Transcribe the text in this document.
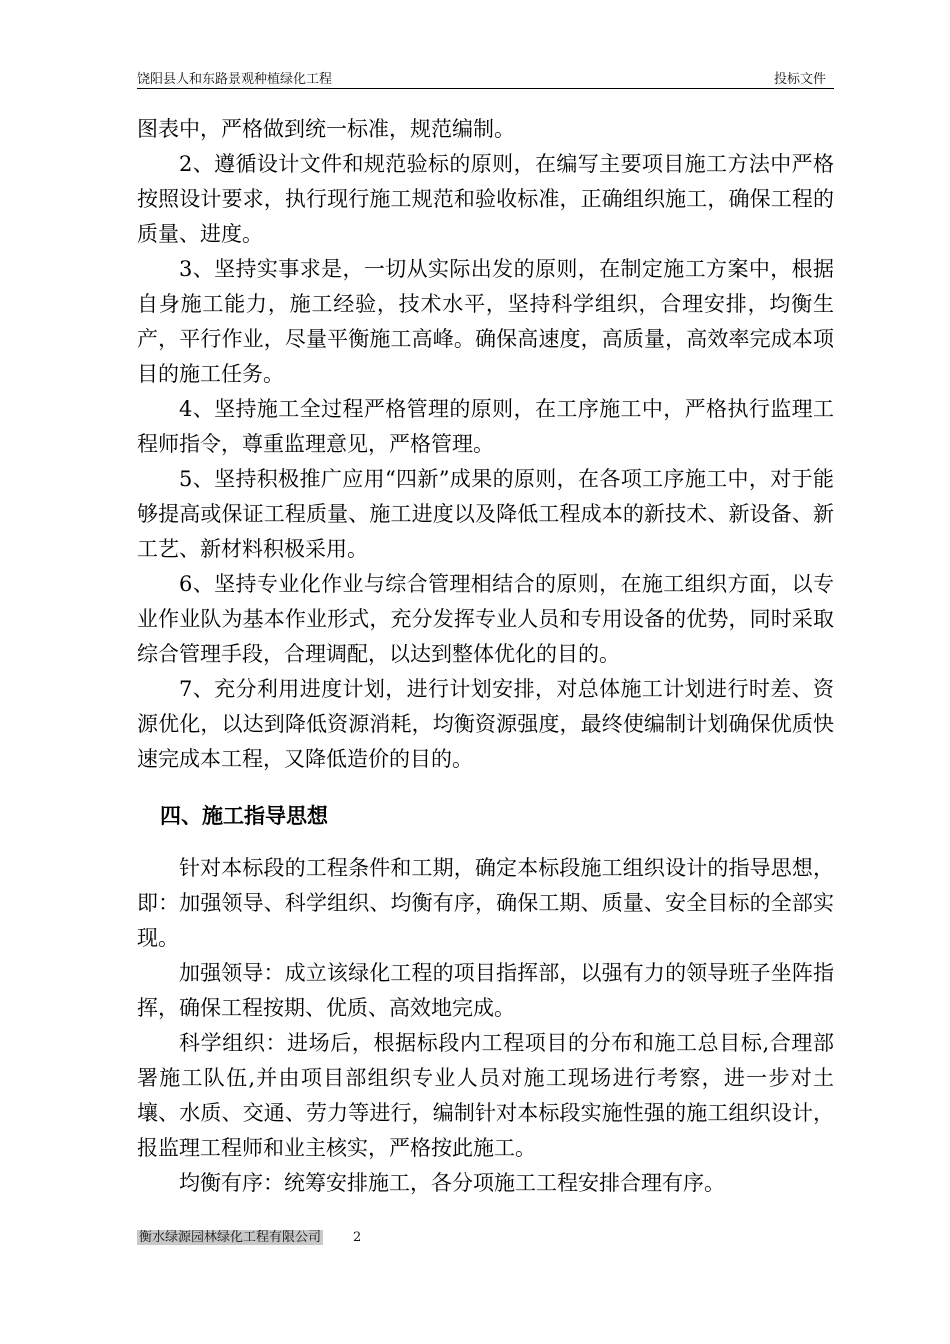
饶阳县人和东路景观种植绿化工程	投标文件

图表中，严格做到统一标准，规范编制。

2、遵循设计文件和规范验标的原则，在编写主要项目施工方法中严格按照设计要求，执行现行施工规范和验收标准，正确组织施工，确保工程的质量、进度。

3、坚持实事求是，一切从实际出发的原则，在制定施工方案中，根据自身施工能力，施工经验，技术水平，坚持科学组织，合理安排，均衡生产，平行作业，尽量平衡施工高峰。确保高速度，高质量，高效率完成本项目的施工任务。

4、坚持施工全过程严格管理的原则，在工序施工中，严格执行监理工程师指令，尊重监理意见，严格管理。

5、坚持积极推广应用“四新”成果的原则，在各项工序施工中，对于能够提高或保证工程质量、施工进度以及降低工程成本的新技术、新设备、新工艺、新材料积极采用。

6、坚持专业化作业与综合管理相结合的原则，在施工组织方面，以专业作业队为基本作业形式，充分发挥专业人员和专用设备的优势，同时采取综合管理手段，合理调配，以达到整体优化的目的。

7、充分利用进度计划，进行计划安排，对总体施工计划进行时差、资源优化，以达到降低资源消耗，均衡资源强度，最终使编制计划确保优质快速完成本工程，又降低造价的目的。

四、施工指导思想

针对本标段的工程条件和工期，确定本标段施工组织设计的指导思想，即：加强领导、科学组织、均衡有序，确保工期、质量、安全目标的全部实现。

加强领导：成立该绿化工程的项目指挥部，以强有力的领导班子坐阵指挥，确保工程按期、优质、高效地完成。

科学组织：进场后，根据标段内工程项目的分布和施工总目标,合理部署施工队伍,并由项目部组织专业人员对施工现场进行考察，进一步对土壤、水质、交通、劳力等进行，编制针对本标段实施性强的施工组织设计，报监理工程师和业主核实，严格按此施工。

均衡有序：统筹安排施工，各分项施工工程安排合理有序。

衡水绿源园林绿化工程有限公司 2
